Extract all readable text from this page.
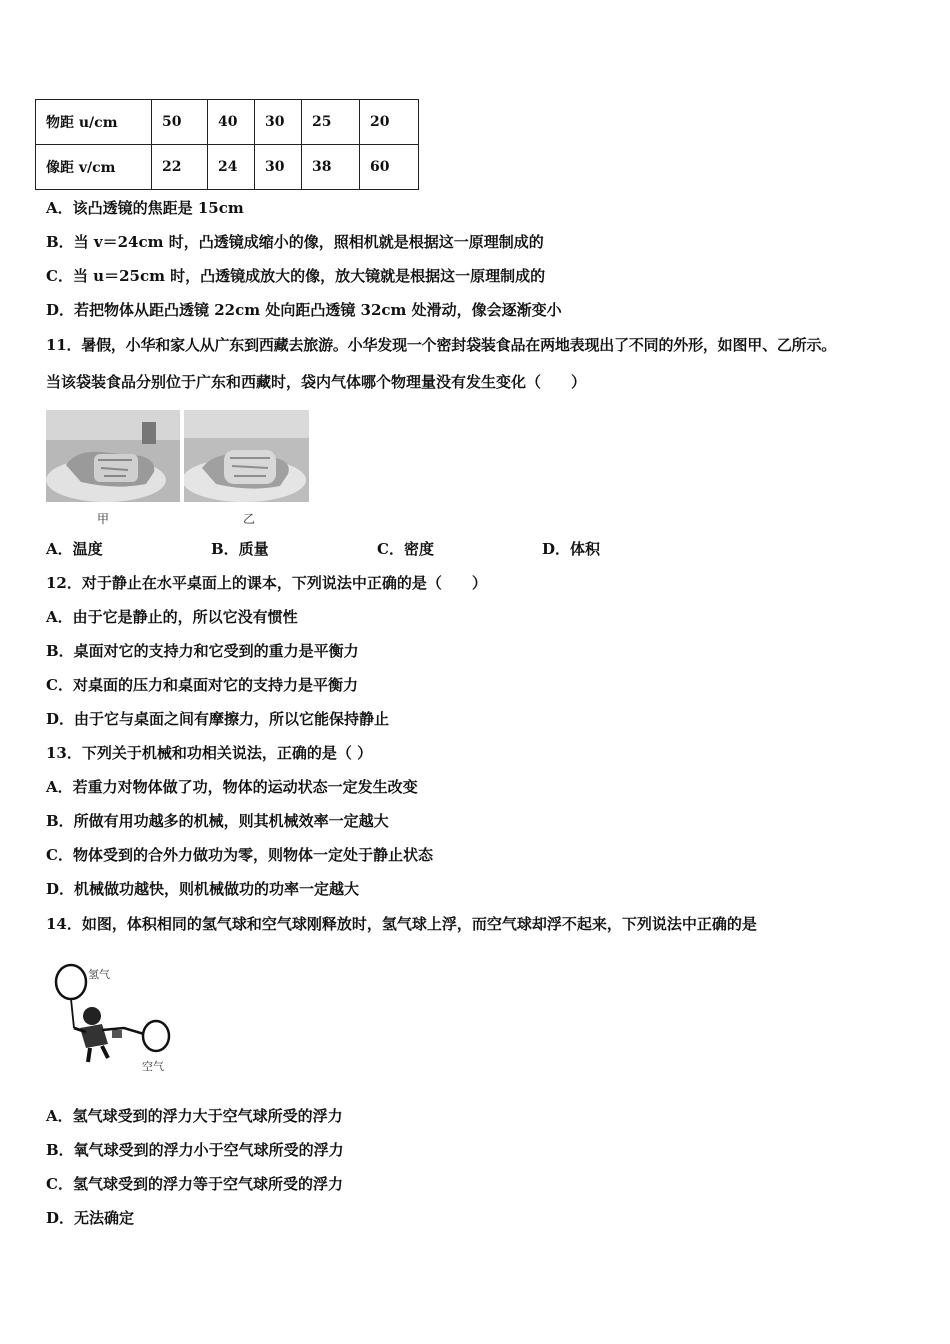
物距 u/cm	50	40	30	25	20
像距 v/cm	22	24	30	38	60
A．该凸透镜的焦距是 15cm
B．当 v＝24cm 时，凸透镜成缩小的像，照相机就是根据这一原理制成的
C．当 u＝25cm 时，凸透镜成放大的像，放大镜就是根据这一原理制成的
D．若把物体从距凸透镜 22cm 处向距凸透镜 32cm 处滑动，像会逐渐变小
11．暑假，小华和家人从广东到西藏去旅游。小华发现一个密封袋装食品在两地表现出了不同的外形，如图甲、乙所示。
当该袋装食品分别位于广东和西藏时，袋内气体哪个物理量没有发生变化（　　）
甲	乙
A．温度	B．质量	C．密度	D．体积
12．对于静止在水平桌面上的课本，下列说法中正确的是（　　）
A．由于它是静止的，所以它没有惯性
B．桌面对它的支持力和它受到的重力是平衡力
C．对桌面的压力和桌面对它的支持力是平衡力
D．由于它与桌面之间有摩擦力，所以它能保持静止
13．下列关于机械和功相关说法，正确的是（ ）
A．若重力对物体做了功，物体的运动状态一定发生改变
B．所做有用功越多的机械，则其机械效率一定越大
C．物体受到的合外力做功为零，则物体一定处于静止状态
D．机械做功越快，则机械做功的功率一定越大
14．如图，体积相同的氢气球和空气球刚释放时，氢气球上浮，而空气球却浮不起来，下列说法中正确的是
氢气
空气
A．氢气球受到的浮力大于空气球所受的浮力
B．氧气球受到的浮力小于空气球所受的浮力
C．氢气球受到的浮力等于空气球所受的浮力
D．无法确定
